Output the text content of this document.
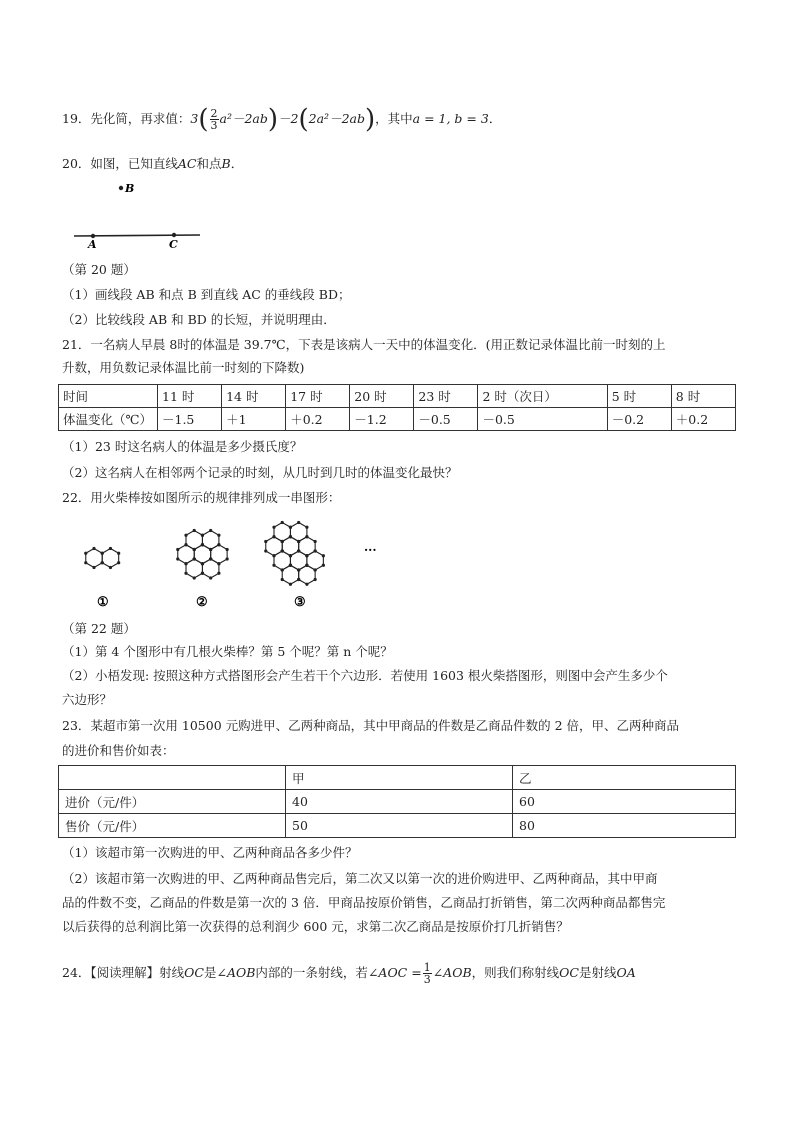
19．先化简，再求值：$3( \frac{2}{3} a^2-2ab)-2(2a^2-2ab)$，其中a = 1, b = 3．
20．如图，已知直线AC和点B．
B
A	C
（第 20 题）
（1）画线段 AB 和点 B 到直线 AC 的垂线段 BD；
（2）比较线段 AB 和 BD 的长短，并说明理由．
21．一名病人早晨 8时的体温是 39.7℃，下表是该病人一天中的体温变化．(用正数记录体温比前一时刻的上
升数，用负数记录体温比前一时刻的下降数)
时间	11 时	14 时	17 时	20 时	23 时	2 时（次日）	5 时	8 时
体温变化（℃）	－1.5	＋1	＋0.2	－1.2	－0.5	－0.5	－0.2	＋0.2
（1）23 时这名病人的体温是多少摄氏度？
（2）这名病人在相邻两个记录的时刻，从几时到几时的体温变化最快？
22．用火柴棒按如图所示的规律排列成一串图形：
···
①	②	③
（第 22 题）
（1）第 4 个图形中有几根火柴棒？第 5 个呢？第 n 个呢？
（2）小梧发现: 按照这种方式搭图形会产生若干个六边形．若使用 1603 根火柴搭图形，则图中会产生多少个
六边形？
23．某超市第一次用 10500 元购进甲、乙两种商品，其中甲商品的件数是乙商品件数的 2 倍，甲、乙两种商品
的进价和售价如表：
	甲	乙
进价（元/件）	40	60
售价（元/件）	50	80
（1）该超市第一次购进的甲、乙两种商品各多少件？
（2）该超市第一次购进的甲、乙两种商品售完后，第二次又以第一次的进价购进甲、乙两种商品，其中甲商
品的件数不变，乙商品的件数是第一次的 3 倍．甲商品按原价销售，乙商品打折销售，第二次两种商品都售完
以后获得的总利润比第一次获得的总利润少 600 元，求第二次乙商品是按原价打几折销售？
24．【阅读理解】射线OC是∠AOB内部的一条射线，若∠AOC = $\frac{1}{3}$ ∠AOB，则我们称射线OC是射线OA
